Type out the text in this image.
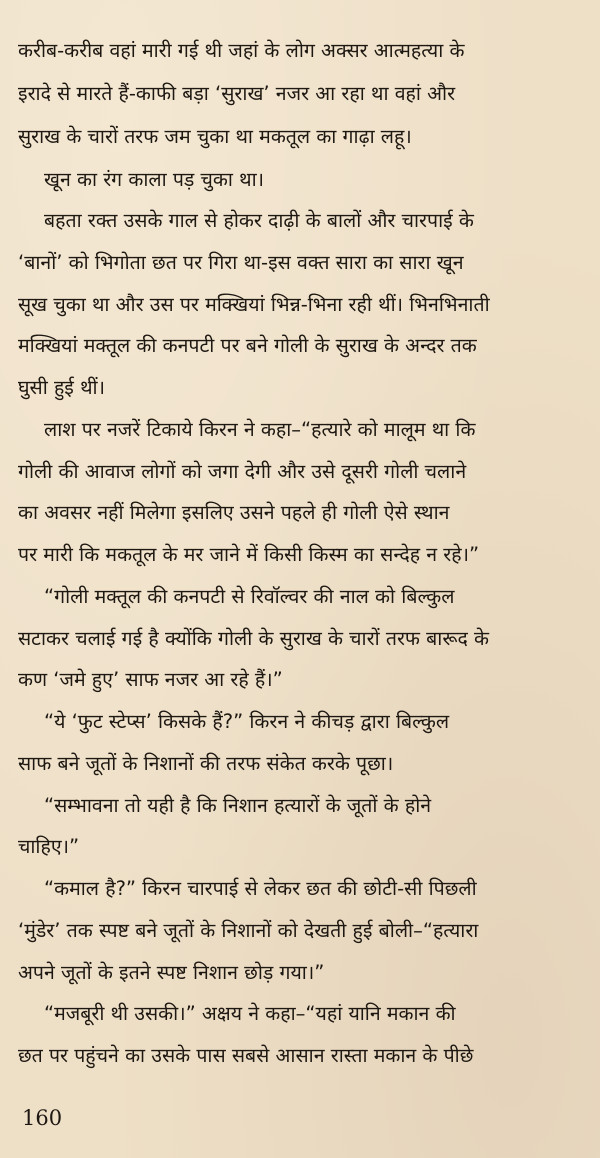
करीब-करीब वहां मारी गई थी जहां के लोग अक्सर आत्महत्या के
इरादे से मारते हैं-काफी बड़ा ‘सुराख’ नजर आ रहा था वहां और
सुराख के चारों तरफ जम चुका था मकतूल का गाढ़ा लहू।
खून का रंग काला पड़ चुका था।
बहता रक्त उसके गाल से होकर दाढ़ी के बालों और चारपाई के
‘बानों’ को भिगोता छत पर गिरा था-इस वक्त सारा का सारा खून
सूख चुका था और उस पर मक्खियां भिन्न-भिना रही थीं। भिनभिनाती
मक्खियां मक्तूल की कनपटी पर बने गोली के सुराख के अन्दर तक
घुसी हुई थीं।
लाश पर नजरें टिकाये किरन ने कहा–“हत्यारे को मालूम था कि
गोली की आवाज लोगों को जगा देगी और उसे दूसरी गोली चलाने
का अवसर नहीं मिलेगा इसलिए उसने पहले ही गोली ऐसे स्थान
पर मारी कि मकतूल के मर जाने में किसी किस्म का सन्देह न रहे।”
“गोली मक्तूल की कनपटी से रिवॉल्वर की नाल को बिल्कुल
सटाकर चलाई गई है क्योंकि गोली के सुराख के चारों तरफ बारूद के
कण ‘जमे हुए’ साफ नजर आ रहे हैं।”
“ये ‘फुट स्टेप्स’ किसके हैं?” किरन ने कीचड़ द्वारा बिल्कुल
साफ बने जूतों के निशानों की तरफ संकेत करके पूछा।
“सम्भावना तो यही है कि निशान हत्यारों के जूतों के होने
चाहिए।”
“कमाल है?” किरन चारपाई से लेकर छत की छोटी-सी पिछली
‘मुंडेर’ तक स्पष्ट बने जूतों के निशानों को देखती हुई बोली–“हत्यारा
अपने जूतों के इतने स्पष्ट निशान छोड़ गया।”
“मजबूरी थी उसकी।” अक्षय ने कहा–“यहां यानि मकान की
छत पर पहुंचने का उसके पास सबसे आसान रास्ता मकान के पीछे
160
